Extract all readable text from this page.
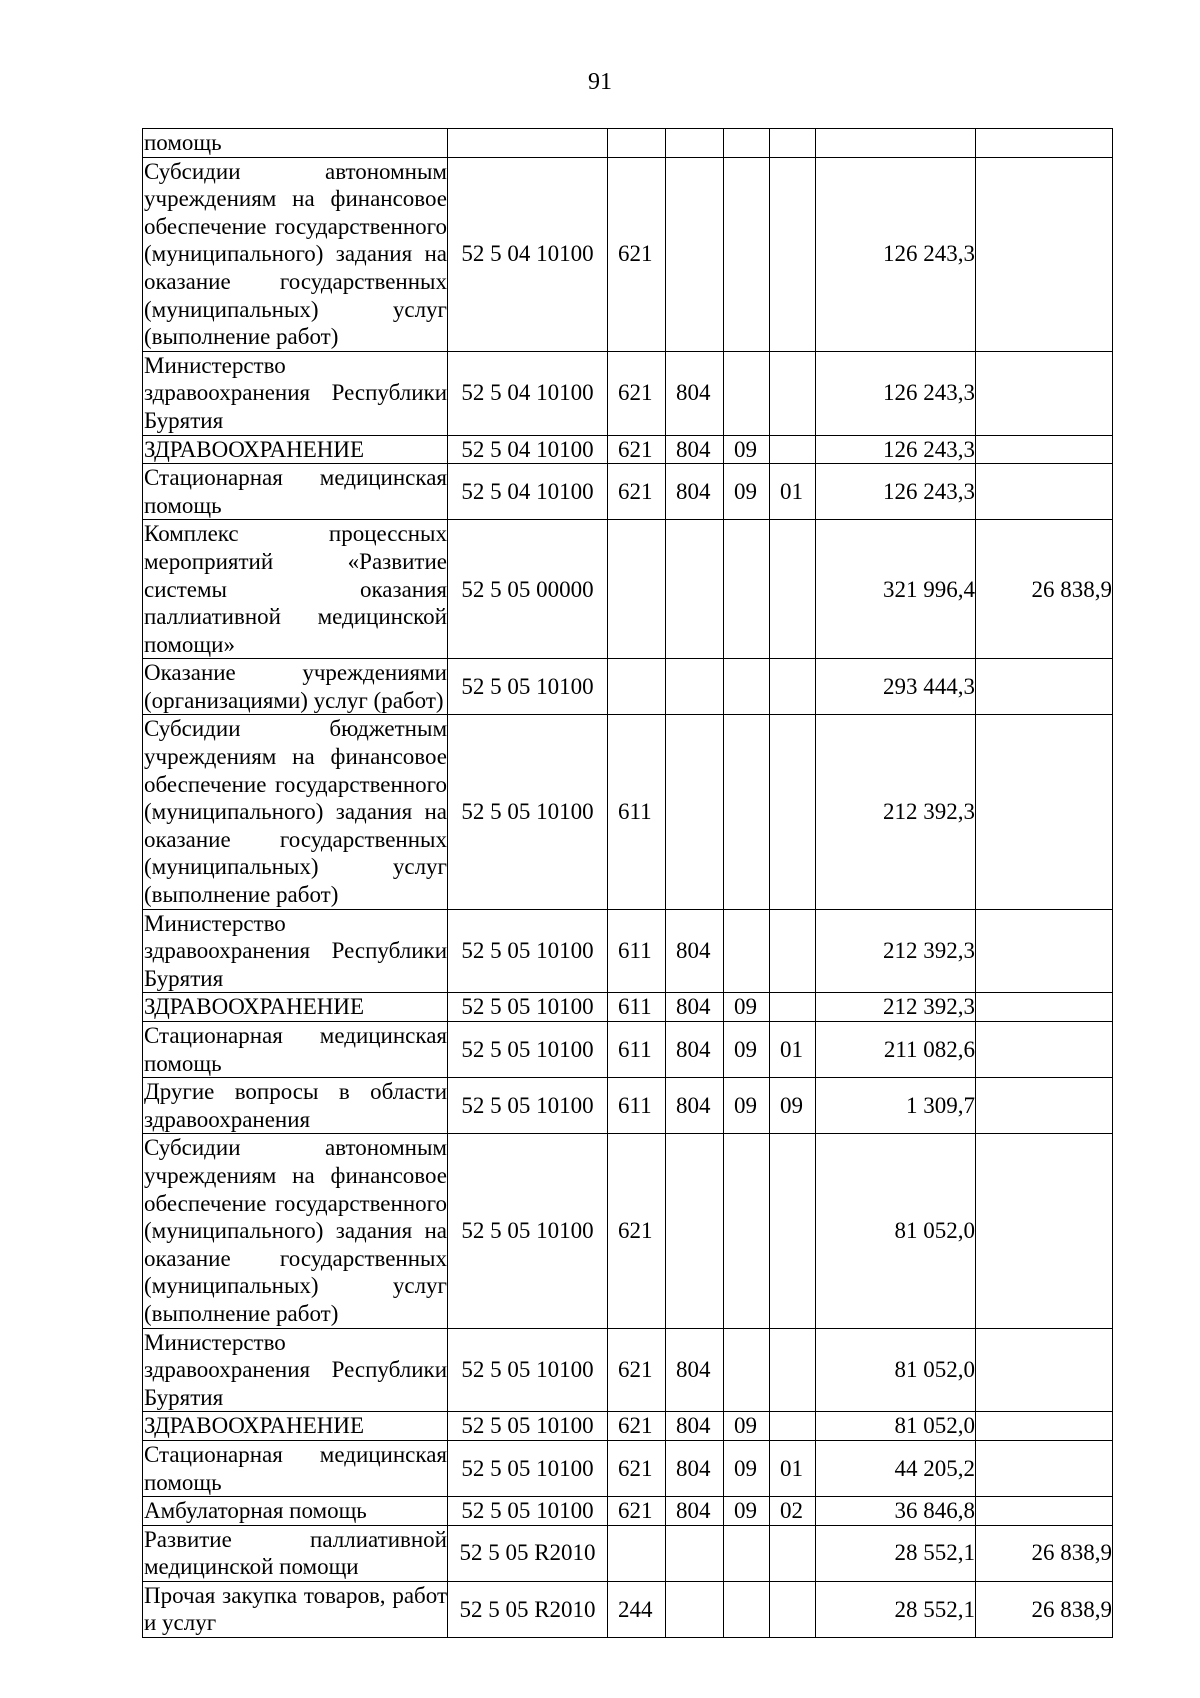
91
помощь							
Субсидии автономным учреждениям на финансовое обеспечение государственного (муниципального) задания на оказание государственных (муниципальных) услуг (выполнение работ)	52 5 04 10100	621				126 243,3	
Министерство здравоохранения Республики Бурятия	52 5 04 10100	621	804			126 243,3	
ЗДРАВООХРАНЕНИЕ	52 5 04 10100	621	804	09		126 243,3	
Стационарная медицинская помощь	52 5 04 10100	621	804	09	01	126 243,3	
Комплекс процессных мероприятий «Развитие системы оказания паллиативной медицинской помощи»	52 5 05 00000					321 996,4	26 838,9
Оказание учреждениями (организациями) услуг (работ)	52 5 05 10100					293 444,3	
Субсидии бюджетным учреждениям на финансовое обеспечение государственного (муниципального) задания на оказание государственных (муниципальных) услуг (выполнение работ)	52 5 05 10100	611				212 392,3	
Министерство здравоохранения Республики Бурятия	52 5 05 10100	611	804			212 392,3	
ЗДРАВООХРАНЕНИЕ	52 5 05 10100	611	804	09		212 392,3	
Стационарная медицинская помощь	52 5 05 10100	611	804	09	01	211 082,6	
Другие вопросы в области здравоохранения	52 5 05 10100	611	804	09	09	1 309,7	
Субсидии автономным учреждениям на финансовое обеспечение государственного (муниципального) задания на оказание государственных (муниципальных) услуг (выполнение работ)	52 5 05 10100	621				81 052,0	
Министерство здравоохранения Республики Бурятия	52 5 05 10100	621	804			81 052,0	
ЗДРАВООХРАНЕНИЕ	52 5 05 10100	621	804	09		81 052,0	
Стационарная медицинская помощь	52 5 05 10100	621	804	09	01	44 205,2	
Амбулаторная помощь	52 5 05 10100	621	804	09	02	36 846,8	
Развитие паллиативной медицинской помощи	52 5 05 R2010					28 552,1	26 838,9
Прочая закупка товаров, работ и услуг	52 5 05 R2010	244				28 552,1	26 838,9
